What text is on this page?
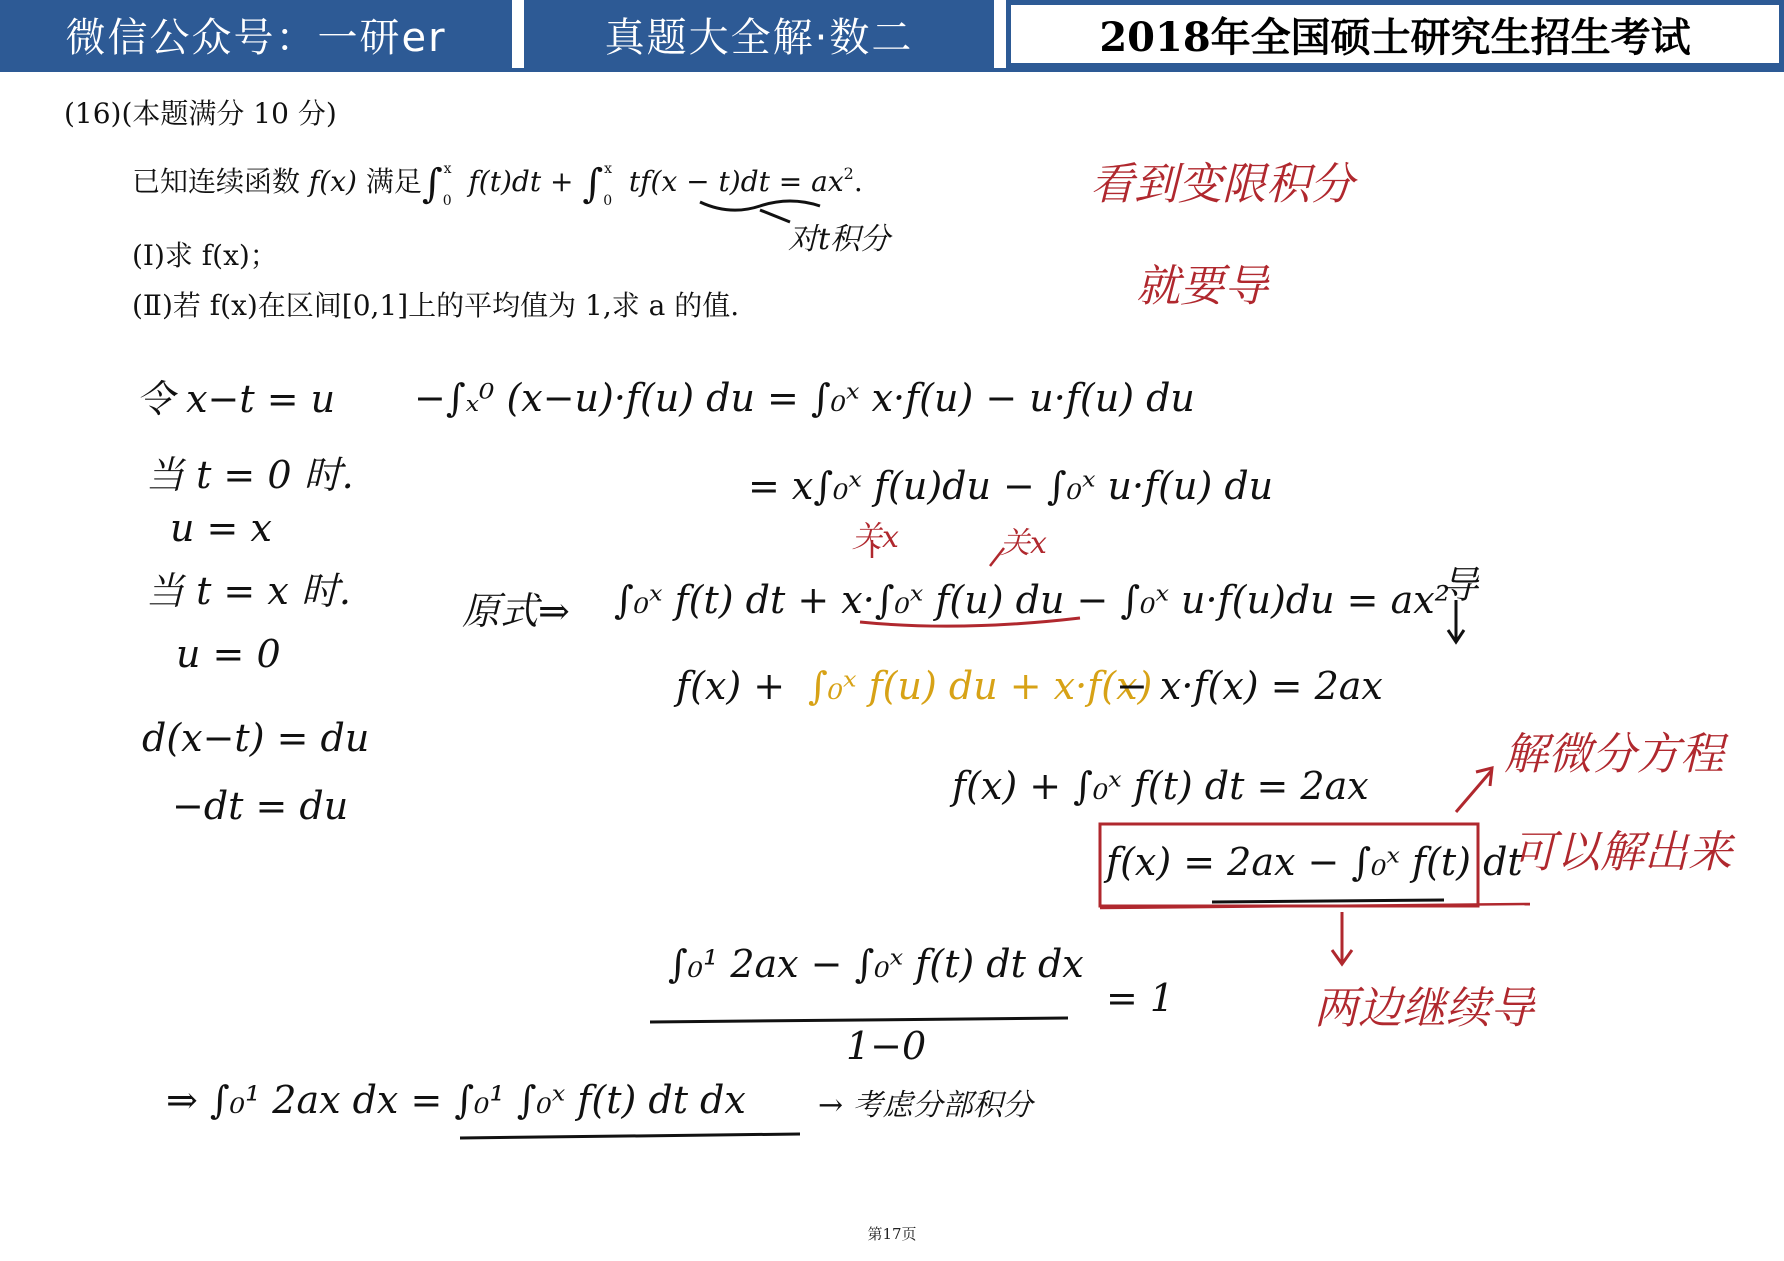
微信公众号：一研er	真题大全解·数二	2018年全国硕士研究生招生考试
(16)(本题满分 10 分)
已知连续函数 f(x) 满足$\int_0^x$ $f(t)dt + \int_0^x$ $tf(x - t)dt = ax^2$.
(Ⅰ)求 f(x)；
(Ⅱ)若 f(x)在区间[0,1]上的平均值为 1,求 a 的值.
对t积分
看到变限积分
就要导
令 x−t = u
当 t = 0 时.
u = x
当 t = x 时.
u = 0
d(x−t) = du
−dt = du
−∫ₓ⁰ (x−u)·f(u) du = ∫₀ˣ x·f(u) − u·f(u) du
= x∫₀ˣ f(u)du − ∫₀ˣ u·f(u) du
关x	关x
原式⇒ ∫₀ˣ f(t) dt + x·∫₀ˣ f(u) du − ∫₀ˣ u·f(u)du = ax²
导
f(x) + ∫₀ˣ f(u) du + x·f(x)
− x·f(x) = 2ax
f(x) + ∫₀ˣ f(t) dt = 2ax
f(x) = 2ax − ∫₀ˣ f(t) dt
解微分方程
可以解出来
两边继续导
∫₀¹ 2ax − ∫₀ˣ f(t) dt dx
1−0
= 1
⇒ ∫₀¹ 2ax dx = ∫₀¹ ∫₀ˣ f(t) dt dx → 考虑分部积分
第17页
